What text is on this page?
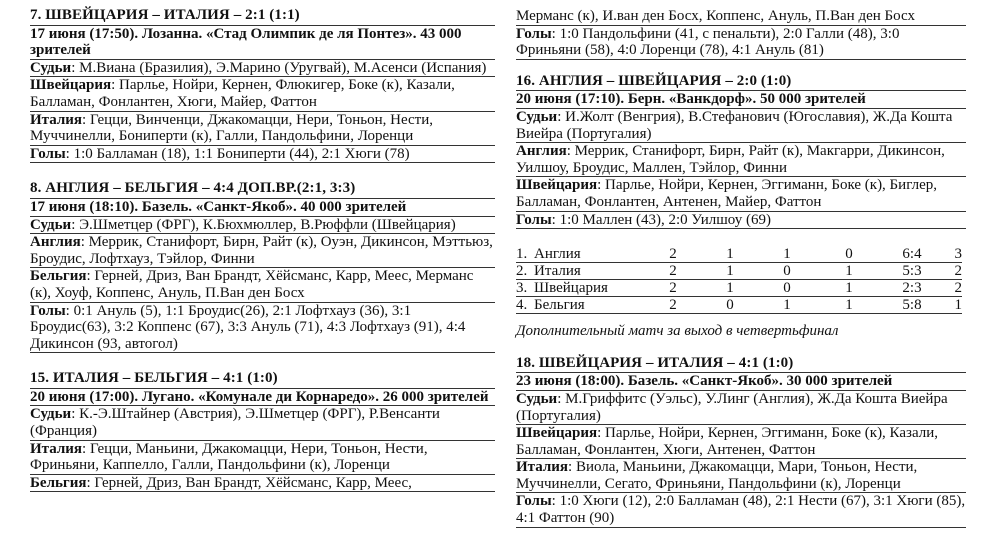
7. ШВЕЙЦАРИЯ – ИТАЛИЯ – 2:1 (1:1)
17 июня (17:50). Лозанна. «Стад Олимпик де ля Понтез». 43 000 зрителей
Судьи: М.Виана (Бразилия), Э.Марино (Уругвай), М.Асенси (Испания)
Швейцария: Парлье, Нойри, Кернен, Флюкигер, Боке (к), Казали, Балламан, Фонлантен, Хюги, Майер, Фаттон
Италия: Гецци, Винченци, Джакомацци, Нери, Тоньон, Нести, Муччинелли, Бониперти (к), Галли, Пандольфини, Лоренци
Голы: 1:0 Балламан (18), 1:1 Бониперти (44), 2:1 Хюги (78)
8. АНГЛИЯ – БЕЛЬГИЯ – 4:4 ДОП.ВР.(2:1, 3:3)
17 июня (18:10). Базель. «Санкт-Якоб». 40 000 зрителей
Судьи: Э.Шметцер (ФРГ), К.Бюхмюллер, В.Рюффли (Швейцария)
Англия: Меррик, Станифорт, Бирн, Райт (к), Оуэн, Дикинсон, Мэттьюз, Броудис, Лофтхауз, Тэйлор, Финни
Бельгия: Герней, Дриз, Ван Брандт, Хёйсманс, Карр, Меес, Мерманс (к), Хоуф, Коппенс, Ануль, П.Ван ден Босх
Голы: 0:1 Ануль (5), 1:1 Броудис(26), 2:1 Лофтхауз (36), 3:1 Броудис(63), 3:2 Коппенс (67), 3:3 Ануль (71), 4:3 Лофтхауз (91), 4:4 Дикинсон (93, автогол)
15. ИТАЛИЯ – БЕЛЬГИЯ – 4:1 (1:0)
20 июня (17:00). Лугано. «Комунале ди Корнаредо». 26 000 зрителей
Судьи: К.-Э.Штайнер (Австрия), Э.Шметцер (ФРГ), Р.Венсанти (Франция)
Италия: Гецци, Маньини, Джакомацци, Нери, Тоньон, Нести, Фриньяни, Каппелло, Галли, Пандольфини (к), Лоренци
Бельгия: Герней, Дриз, Ван Брандт, Хёйсманс, Карр, Меес,
Мерманс (к), И.ван ден Босх, Коппенс, Ануль, П.Ван ден Босх
Голы: 1:0 Пандольфини (41, с пенальти), 2:0 Галли (48), 3:0 Фриньяни (58), 4:0 Лоренци (78), 4:1 Ануль (81)
16. АНГЛИЯ – ШВЕЙЦАРИЯ – 2:0 (1:0)
20 июня (17:10). Берн. «Ванкдорф». 50 000 зрителей
Судьи: И.Жолт (Венгрия), В.Стефанович (Югославия), Ж.Да Кошта Виейра (Португалия)
Англия: Меррик, Станифорт, Бирн, Райт (к), Макгарри, Дикинсон, Уилшоу, Броудис, Маллен, Тэйлор, Финни
Швейцария: Парлье, Нойри, Кернен, Эггиманн, Боке (к), Биглер, Балламан, Фонлантен, Антенен, Майер, Фаттон
Голы: 1:0 Маллен (43), 2:0 Уилшоу (69)
1.	Англия	2	1	1	0	6:4	3
2.	Италия	2	1	0	1	5:3	2
3.	Швейцария	2	1	0	1	2:3	2
4.	Бельгия	2	0	1	1	5:8	1
Дополнительный матч за выход в четвертьфинал
18. ШВЕЙЦАРИЯ – ИТАЛИЯ – 4:1 (1:0)
23 июня (18:00). Базель. «Санкт-Якоб». 30 000 зрителей
Судьи: М.Гриффитс (Уэльс), У.Линг (Англия), Ж.Да Кошта Виейра (Португалия)
Швейцария: Парлье, Нойри, Кернен, Эггиманн, Боке (к), Казали, Балламан, Фонлантен, Хюги, Антенен, Фаттон
Италия: Виола, Маньини, Джакомацци, Мари, Тоньон, Нести, Муччинелли, Сегато, Фриньяни, Пандольфини (к), Лоренци
Голы: 1:0 Хюги (12), 2:0 Балламан (48), 2:1 Нести (67), 3:1 Хюги (85), 4:1 Фаттон (90)
